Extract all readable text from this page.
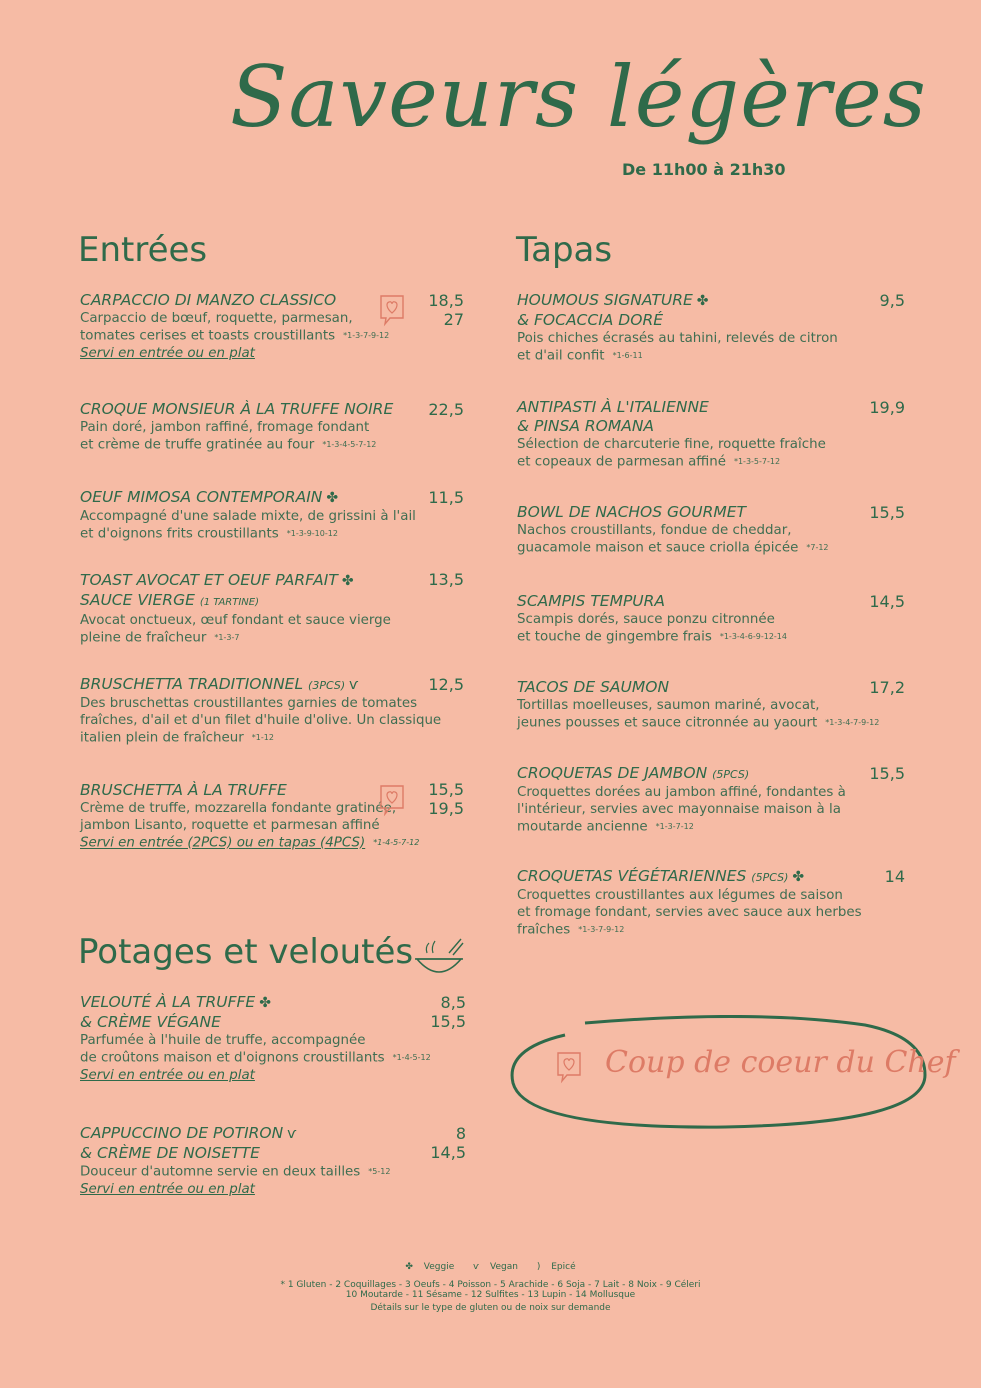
Saveurs légères
De 11h00 à 21h30
Entrées	Tapas
Potages et veloutés
CARPACCIO DI MANZO CLASSICO
Carpaccio de bœuf, roquette, parmesan,
tomates cerises et toasts croustillants *1-3-7-9-12
Servi en entrée ou en plat
18,5
27
CROQUE MONSIEUR À LA TRUFFE NOIRE
Pain doré, jambon raffiné, fromage fondant
et crème de truffe gratinée au four *1-3-4-5-7-12
22,5
OEUF MIMOSA CONTEMPORAIN ✤
Accompagné d'une salade mixte, de grissini à l'ail
et d'oignons frits croustillants *1-3-9-10-12
11,5
TOAST AVOCAT ET OEUF PARFAIT ✤
SAUCE VIERGE (1 TARTINE)
Avocat onctueux, œuf fondant et sauce vierge
pleine de fraîcheur *1-3-7
13,5
BRUSCHETTA TRADITIONNEL (3PCS) ѵ
Des bruschettas croustillantes garnies de tomates
fraîches, d'ail et d'un filet d'huile d'olive. Un classique
italien plein de fraîcheur *1-12
12,5
BRUSCHETTA À LA TRUFFE
Crème de truffe, mozzarella fondante gratinée,
jambon Lisanto, roquette et parmesan affiné
Servi en entrée (2PCS) ou en tapas (4PCS) *1-4-5-7-12
15,5
19,5
HOUMOUS SIGNATURE ✤
& FOCACCIA DORÉ
Pois chiches écrasés au tahini, relevés de citron
et d'ail confit *1-6-11
9,5
ANTIPASTI À L'ITALIENNE
& PINSA ROMANA
Sélection de charcuterie fine, roquette fraîche
et copeaux de parmesan affiné *1-3-5-7-12
19,9
BOWL DE NACHOS GOURMET
Nachos croustillants, fondue de cheddar,
guacamole maison et sauce criolla épicée *7-12
15,5
SCAMPIS TEMPURA
Scampis dorés, sauce ponzu citronnée
et touche de gingembre frais *1-3-4-6-9-12-14
14,5
TACOS DE SAUMON
Tortillas moelleuses, saumon mariné, avocat,
jeunes pousses et sauce citronnée au yaourt *1-3-4-7-9-12
17,2
CROQUETAS DE JAMBON (5PCS)
Croquettes dorées au jambon affiné, fondantes à
l'intérieur, servies avec mayonnaise maison à la
moutarde ancienne *1-3-7-12
15,5
CROQUETAS VÉGÉTARIENNES (5PCS) ✤
Croquettes croustillantes aux légumes de saison
et fromage fondant, servies avec sauce aux herbes
fraîches *1-3-7-9-12
14
VELOUTÉ À LA TRUFFE ✤
& CRÈME VÉGANE
Parfumée à l'huile de truffe, accompagnée
de croûtons maison et d'oignons croustillants *1-4-5-12
Servi en entrée ou en plat
8,5
15,5
CAPPUCCINO DE POTIRON ѵ
& CRÈME DE NOISETTE
Douceur d'automne servie en deux tailles *5-12
Servi en entrée ou en plat
8
14,5
Coup de coeur du Chef
✤ Veggie ѵ Vegan ) Epicé
* 1 Gluten - 2 Coquillages - 3 Oeufs - 4 Poisson - 5 Arachide - 6 Soja - 7 Lait - 8 Noix - 9 Céleri
10 Moutarde - 11 Sésame - 12 Sulfites - 13 Lupin - 14 Mollusque
Détails sur le type de gluten ou de noix sur demande
